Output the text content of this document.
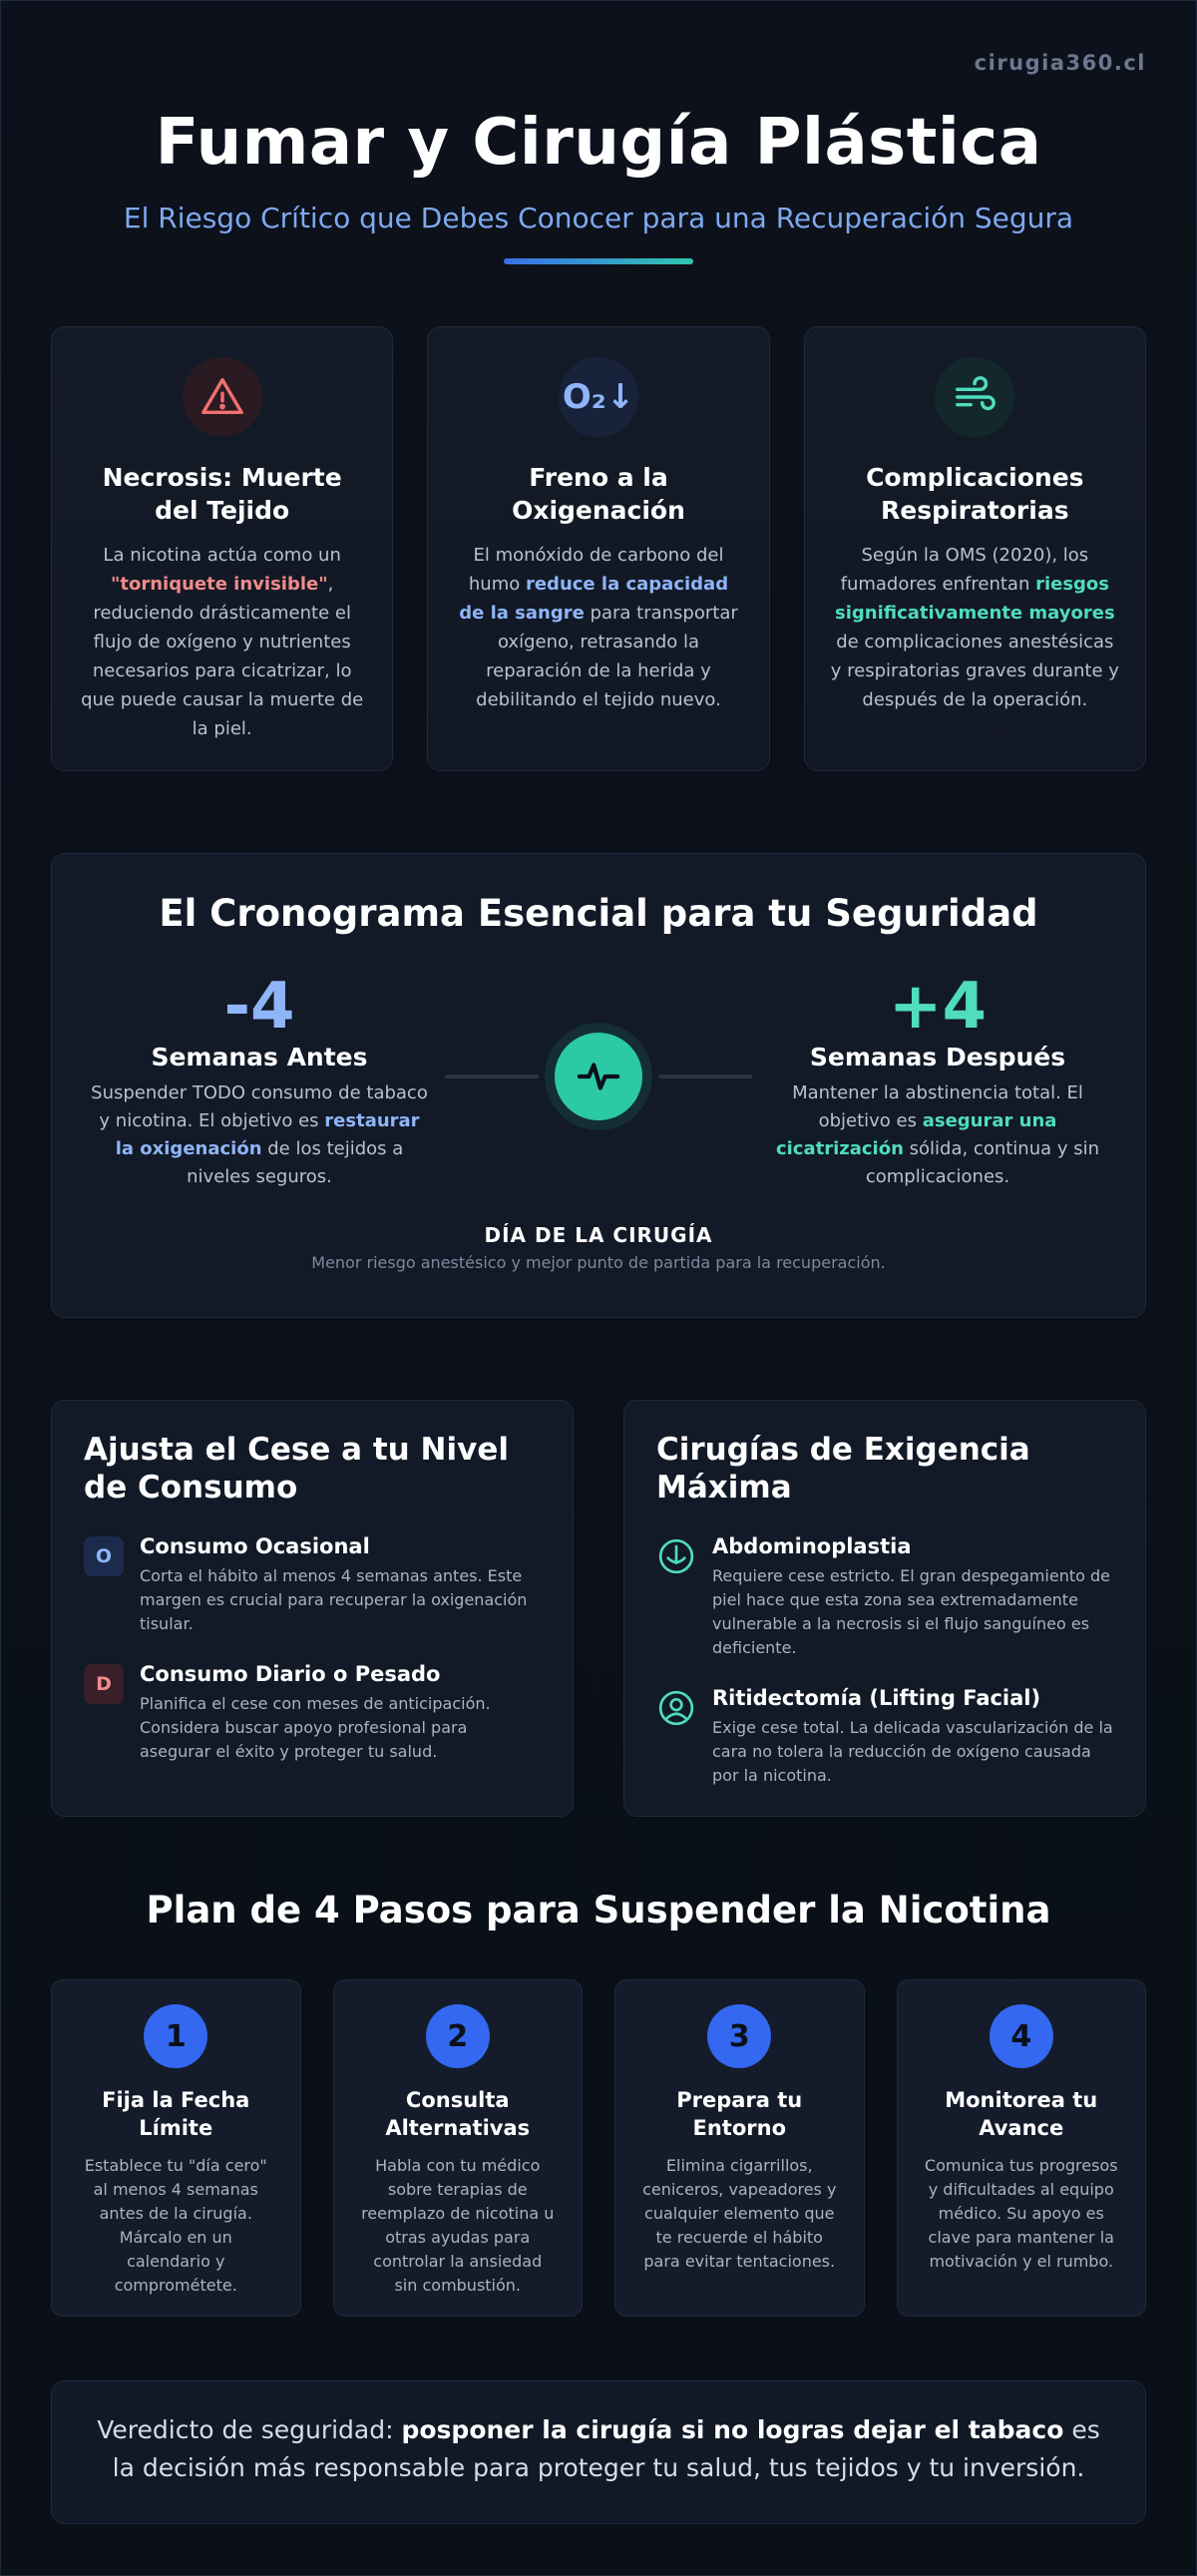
cirugia360.cl
Fumar y Cirugía Plástica
El Riesgo Crítico que Debes Conocer para una Recuperación Segura
Necrosis: Muerte del Tejido

La nicotina actúa como un "torniquete invisible", reduciendo drásticamente el flujo de oxígeno y nutrientes necesarios para cicatrizar, lo que puede causar la muerte de la piel.

O₂↓
Freno a la Oxigenación

El monóxido de carbono del humo reduce la capacidad de la sangre para transportar oxígeno, retrasando la reparación de la herida y debilitando el tejido nuevo.

Complicaciones Respiratorias

Según la OMS (2020), los fumadores enfrentan riesgos significativamente mayores de complicaciones anestésicas y respiratorias graves durante y después de la operación.

El Cronograma Esencial para tu Seguridad
-4
Semanas Antes

Suspender TODO consumo de tabaco y nicotina. El objetivo es restaurar la oxigenación de los tejidos a niveles seguros.

+4
Semanas Después

Mantener la abstinencia total. El objetivo es asegurar una cicatrización sólida, continua y sin complicaciones.

DÍA DE LA CIRUGÍA
Menor riesgo anestésico y mejor punto de partida para la recuperación.
Ajusta el Cese a tu Nivel de Consumo
O	Consumo Ocasional

Corta el hábito al menos 4 semanas antes. Este margen es crucial para recuperar la oxigenación tisular.

D	Consumo Diario o Pesado

Planifica el cese con meses de anticipación. Considera buscar apoyo profesional para asegurar el éxito y proteger tu salud.

Cirugías de Exigencia Máxima
Abdominoplastia

Requiere cese estricto. El gran despegamiento de piel hace que esta zona sea extremadamente vulnerable a la necrosis si el flujo sanguíneo es deficiente.

Ritidectomía (Lifting Facial)

Exige cese total. La delicada vascularización de la cara no tolera la reducción de oxígeno causada por la nicotina.

Plan de 4 Pasos para Suspender la Nicotina
1
Fija la Fecha Límite

Establece tu "día cero" al menos 4 semanas antes de la cirugía. Márcalo en un calendario y comprométete.

2
Consulta Alternativas

Habla con tu médico sobre terapias de reemplazo de nicotina u otras ayudas para controlar la ansiedad sin combustión.

3
Prepara tu Entorno

Elimina cigarrillos, ceniceros, vapeadores y cualquier elemento que te recuerde el hábito para evitar tentaciones.

4
Monitorea tu Avance

Comunica tus progresos y dificultades al equipo médico. Su apoyo es clave para mantener la motivación y el rumbo.

Veredicto de seguridad: posponer la cirugía si no logras dejar el tabaco es la decisión más responsable para proteger tu salud, tus tejidos y tu inversión.
